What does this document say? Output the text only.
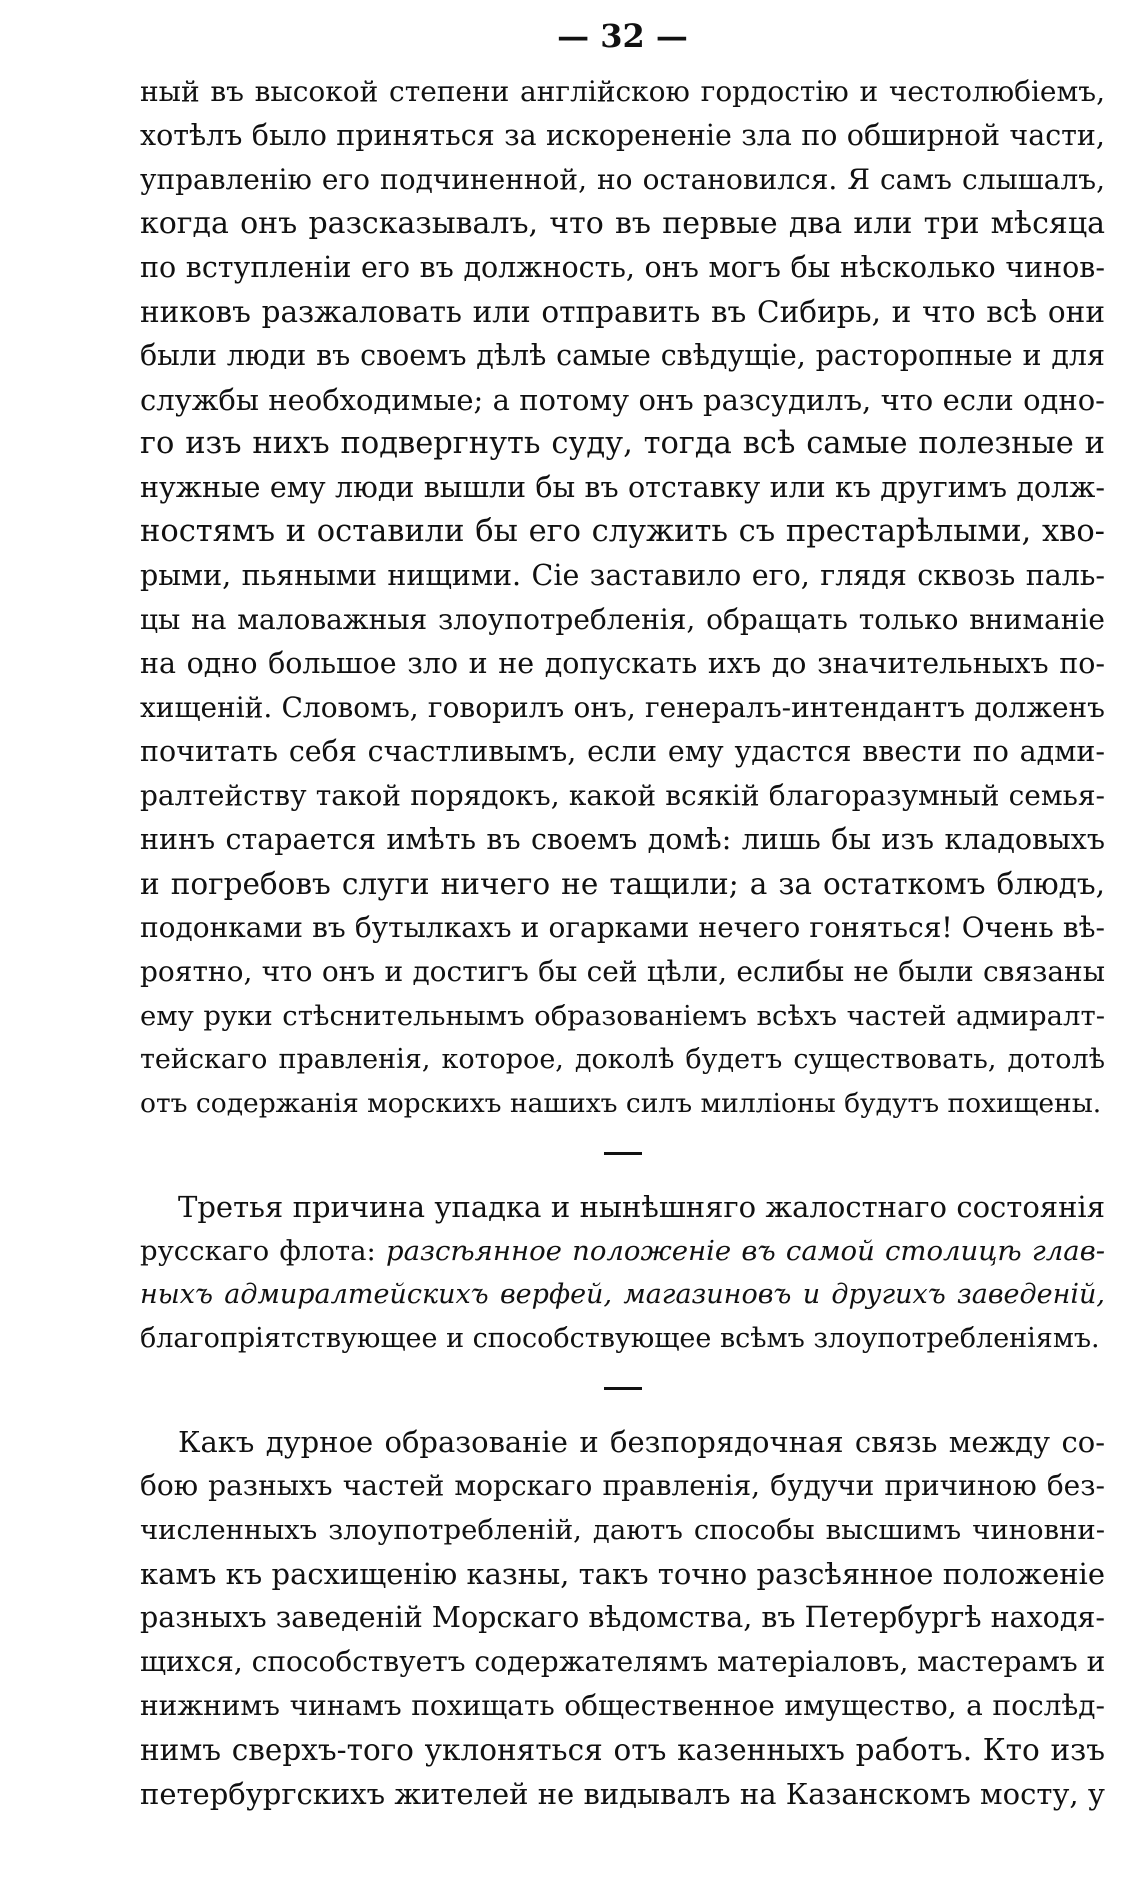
— 32 —
ный въ высокой степени англійскою гордостію и честолюбіемъ,
хотѣлъ было приняться за искорененіе зла по обширной части,
управленію его подчиненной, но остановился. Я самъ слышалъ,
когда онъ разсказывалъ, что въ первые два или три мѣсяца
по вступленіи его въ должность, онъ могъ бы нѣсколько чинов-
никовъ разжаловать или отправить въ Сибирь, и что всѣ они
были люди въ своемъ дѣлѣ самые свѣдущіе, расторопные и для
службы необходимые; а потому онъ разсудилъ, что если одно-
го изъ нихъ подвергнуть суду, тогда всѣ самые полезные и
нужные ему люди вышли бы въ отставку или къ другимъ долж-
ностямъ и оставили бы его служить съ престарѣлыми, хво-
рыми, пьяными нищими. Сіе заставило его, глядя сквозь паль-
цы на маловажныя злоупотребленія, обращать только вниманіе
на одно большое зло и не допускать ихъ до значительныхъ по-
хищеній. Словомъ, говорилъ онъ, генералъ-интендантъ долженъ
почитать себя счастливымъ, если ему удастся ввести по адми-
ралтейству такой порядокъ, какой всякій благоразумный семья-
нинъ старается имѣть въ своемъ домѣ: лишь бы изъ кладовыхъ
и погребовъ слуги ничего не тащили; а за остаткомъ блюдъ,
подонками въ бутылкахъ и огарками нечего гоняться! Очень вѣ-
роятно, что онъ и достигъ бы сей цѣли, еслибы не были связаны
ему руки стѣснительнымъ образованіемъ всѣхъ частей адмиралт-
тейскаго правленія, которое, доколѣ будетъ существовать, дотолѣ
отъ содержанія морскихъ нашихъ силъ милліоны будутъ похищены.
Третья причина упадка и нынѣшняго жалостнаго состоянія
русскаго флота: разсѣянное положеніе въ самой столицѣ глав-
ныхъ адмиралтейскихъ верфей, магазиновъ и другихъ заведеній,
благопріятствующее и способствующее всѣмъ злоупотребленіямъ.
Какъ дурное образованіе и безпорядочная связь между со-
бою разныхъ частей морскаго правленія, будучи причиною без-
численныхъ злоупотребленій, даютъ способы высшимъ чиновни-
камъ къ расхищенію казны, такъ точно разсѣянное положеніе
разныхъ заведеній Морскаго вѣдомства, въ Петербургѣ находя-
щихся, способствуетъ содержателямъ матеріаловъ, мастерамъ и
нижнимъ чинамъ похищать общественное имущество, а послѣд-
нимъ сверхъ-того уклоняться отъ казенныхъ работъ. Кто изъ
петербургскихъ жителей не видывалъ на Казанскомъ мосту, у
